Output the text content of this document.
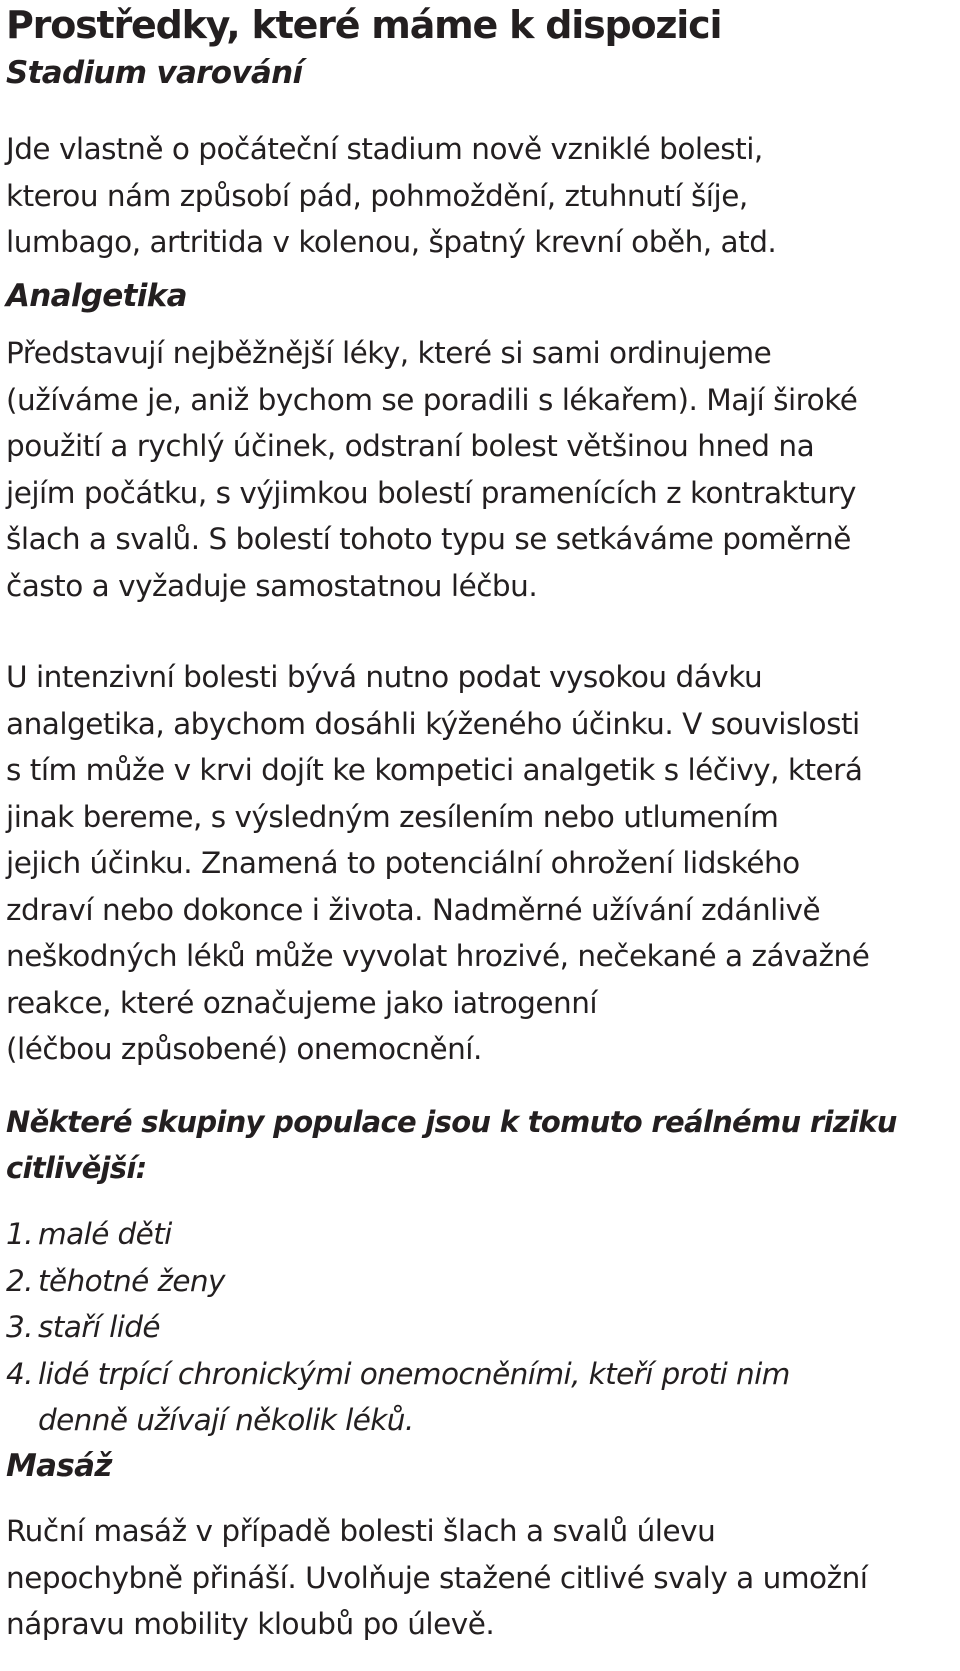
Prostředky, které máme k dispozici
Stadium varování
Jde vlastně o počáteční stadium nově vzniklé bolesti,
kterou nám způsobí pád, pohmoždění, ztuhnutí šíje,
lumbago, artritida v kolenou, špatný krevní oběh, atd.
Analgetika
Představují nejběžnější léky, které si sami ordinujeme
(užíváme je, aniž bychom se poradili s lékařem). Mají široké
použití a rychlý účinek, odstraní bolest většinou hned na
jejím počátku, s výjimkou bolestí pramenících z kontraktury
šlach a svalů. S bolestí tohoto typu se setkáváme poměrně
často a vyžaduje samostatnou léčbu.
U intenzivní bolesti bývá nutno podat vysokou dávku
analgetika, abychom dosáhli kýženého účinku. V souvislosti
s tím může v krvi dojít ke kompetici analgetik s léčivy, která
jinak bereme, s výsledným zesílením nebo utlumením
jejich účinku. Znamená to potenciální ohrožení lidského
zdraví nebo dokonce i života. Nadměrné užívání zdánlivě
neškodných léků může vyvolat hrozivé, nečekané a závažné
reakce, které označujeme jako iatrogenní
(léčbou způsobené) onemocnění.
Některé skupiny populace jsou k tomuto reálnému riziku
citlivější:
1. malé děti
2. těhotné ženy
3. staří lidé
4. lidé trpící chronickými onemocněními, kteří proti nim
denně užívají několik léků.
Masáž
Ruční masáž v případě bolesti šlach a svalů úlevu
nepochybně přináší. Uvolňuje stažené citlivé svaly a umožní
nápravu mobility kloubů po úlevě.
